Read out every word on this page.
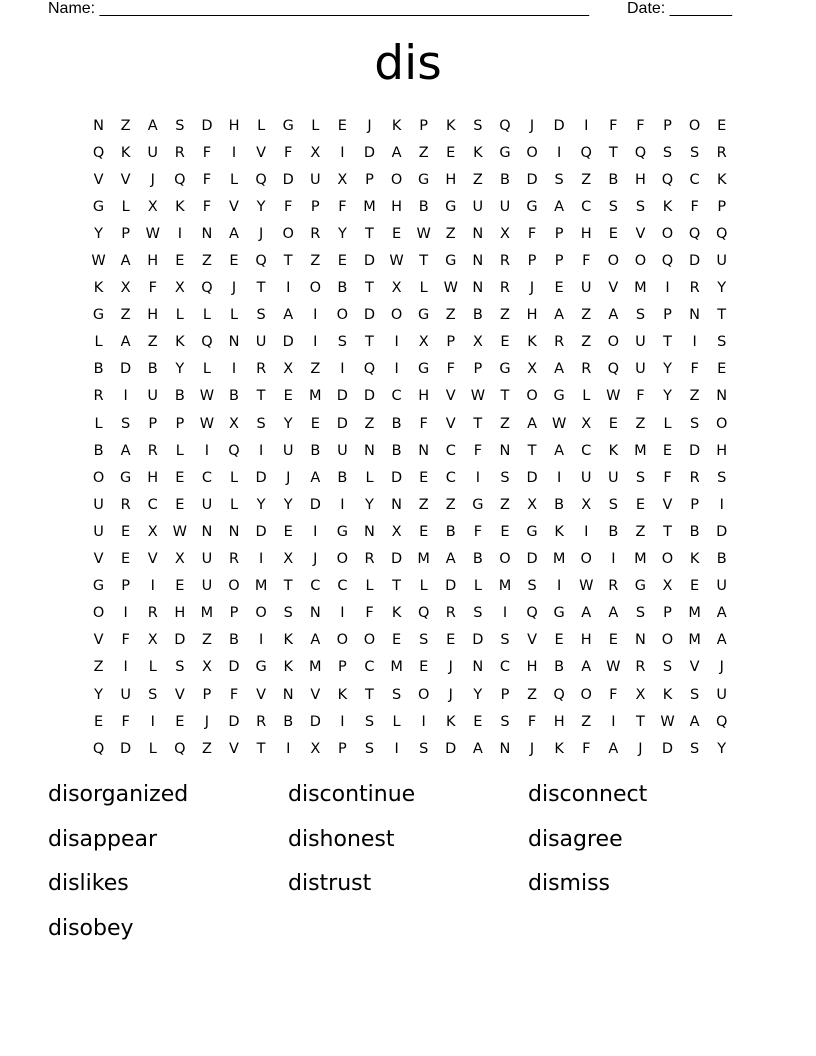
Name: _______________________________________________________ Date: _______
dis
N	Z	A	S	D	H	L	G	L	E	J	K	P	K	S	Q	J	D	I	F	F	P	O	E
Q	K	U	R	F	I	V	F	X	I	D	A	Z	E	K	G	O	I	Q	T	Q	S	S	R
V	V	J	Q	F	L	Q	D	U	X	P	O	G	H	Z	B	D	S	Z	B	H	Q	C	K
G	L	X	K	F	V	Y	F	P	F	M	H	B	G	U	U	G	A	C	S	S	K	F	P
Y	P	W	I	N	A	J	O	R	Y	T	E	W	Z	N	X	F	P	H	E	V	O	Q	Q
W	A	H	E	Z	E	Q	T	Z	E	D W	T	G	N	R	P	P	F	O	O	Q	D	U
K	X	F	X	Q	J	T	I	O	B	T	X	L	W N	R	J	E	U	V	M	I	R	Y
G	Z	H	L	L	L	S	A	I	O	D	O	G	Z	B	Z	H	A	Z	A	S	P	N	T
L	A	Z	K	Q	N	U	D	I	S	T	I	X	P	X	E	K	R	Z	O	U	T	I	S
B	D	B	Y	L	I	R	X	Z	I	Q	I	G	F	P	G	X	A	R	Q	U	Y	F	E
R	I	U	B	W	B	T	E	M	D	D	C	H	V	W	T	O	G	L	W	F	Y	Z	N
L	S	P	P	W	X	S	Y	E	D	Z	B	F	V	T	Z	A	W	X	E	Z	L	S	O
B	A	R	L	I	Q	I	U	B	U	N	B	N	C	F	N	T	A	C	K	M	E	D	H
O	G	H	E	C	L	D	J	A	B	L	D	E	C	I	S	D	I	U	U	S	F	R	S
U	R	C	E	U	L	Y	Y	D	I	Y	N	Z	Z	G	Z	X	B	X	S	E	V	P	I
U	E	X	W N	N	D	E	I	G	N	X	E	B	F	E	G	K	I	B	Z	T	B	D
V	E	V	X	U	R	I	X	J	O	R	D	M	A	B	O	D	M	O	I	M	O	K	B
G	P	I	E	U	O	M	T	C	C	L	T	L	D	L	M	S	I	W	R	G	X	E	U
O	I	R	H	M	P	O	S	N	I	F	K	Q	R	S	I	Q	G	A	A	S	P	M	A
V	F	X	D	Z	B	I	K	A	O	O	E	S	E	D	S	V	E	H	E	N	O	M	A
Z	I	L	S	X	D	G	K	M	P	C	M	E	J	N	C	H	B	A	W	R	S	V	J
Y	U	S	V	P	F	V	N	V	K	T	S	O	J	Y	P	Z	Q	O	F	X	K	S	U
E	F	I	E	J	D	R	B	D	I	S	L	I	K	E	S	F	H	Z	I	T	W	A	Q
Q	D	L	Q	Z	V	T	I	X	P	S	I	S	D	A	N	J	K	F	A	J	D	S	Y
disorganized	discontinue	disconnect
disappear	dishonest	disagree
dislikes	distrust	dismiss
disobey
